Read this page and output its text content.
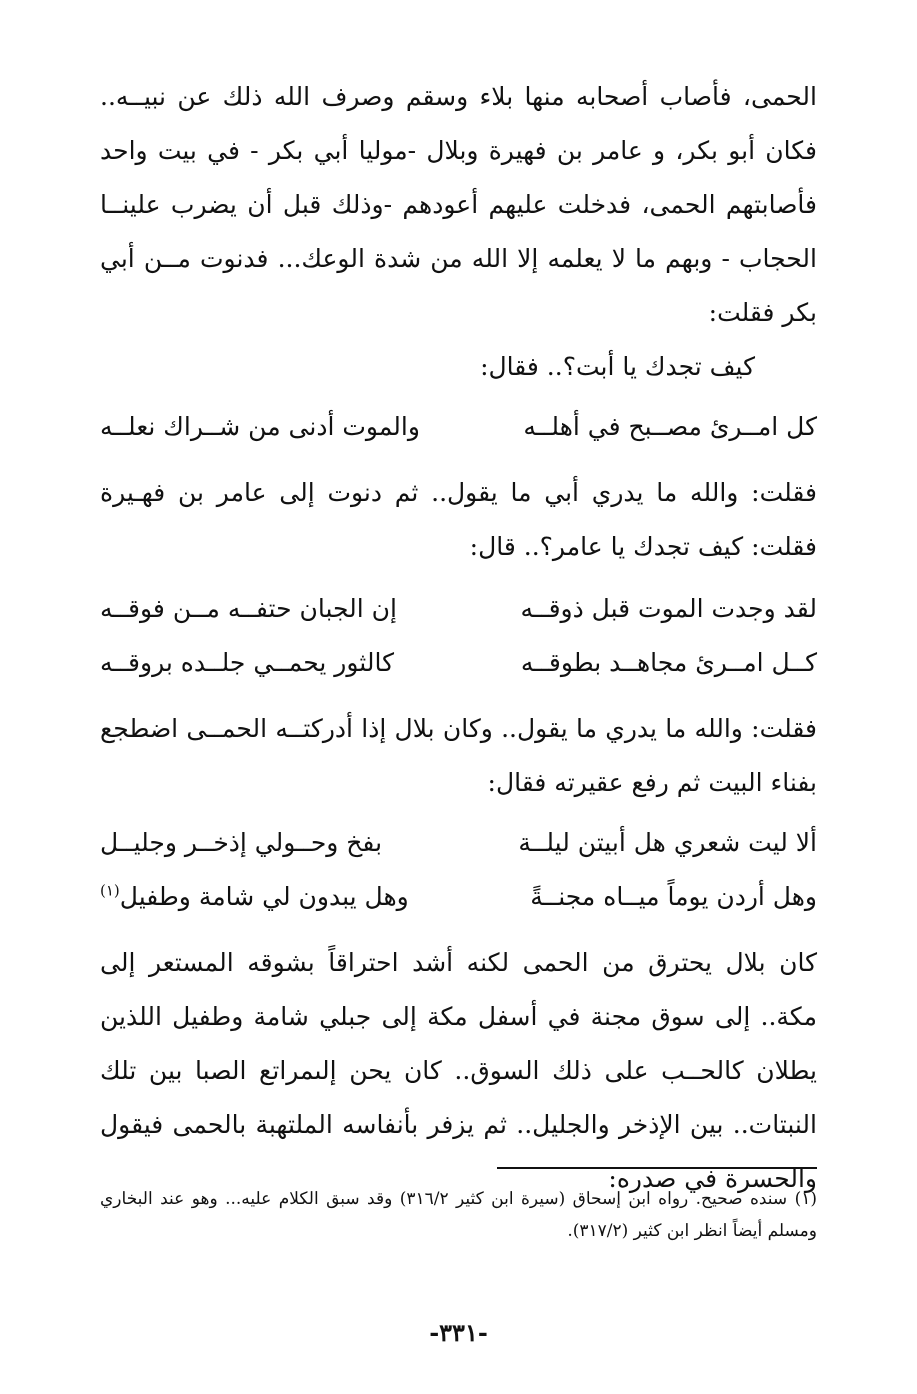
الحمى، فأصاب أصحابه منها بلاء وسقم وصرف الله ذلك عن نبيــه.. فكان أبو بكر، و عامر بن فهيرة وبلال -موليا أبي بكر - في بيت واحد فأصابتهم الحمى، فدخلت عليهم أعودهم -وذلك قبل أن يضرب علينــا الحجاب - وبهم ما لا يعلمه إلا الله من شدة الوعك... فدنوت مــن أبي بكر فقلت:

كيف تجدك يا أبت؟.. فقال:

كل امــرئ مصــبح في أهلــه
والموت أدنى من شــراك نعلــه

فقلت: والله ما يدري أبي ما يقول.. ثم دنوت إلى عامر بن فهـيرة فقلت: كيف تجدك يا عامر؟.. قال:

لقد وجدت الموت قبل ذوقــه
إن الجبان حتفــه مــن فوقــه
كــل امــرئ مجاهــد بطوقــه
كالثور يحمــي جلــده بروقــه

فقلت: والله ما يدري ما يقول.. وكان بلال إذا أدركتــه الحمــى اضطجع بفناء البيت ثم رفع عقيرته فقال:

ألا ليت شعري هل أبيتن ليلــة
بفخ وحــولي إذخــر وجليــل
وهل أردن يوماً ميــاه مجنــةً
وهل يبدون لي شامة وطفيل$^{(١)}$

كان بلال يحترق من الحمى لكنه أشد احتراقاً بشوقه المستعر إلى مكة.. إلى سوق مجنة في أسفل مكة إلى جبلي شامة وطفيل اللذين يطلان كالحــب على ذلك السوق.. كان يحن إلىمراتع الصبا بين تلك النبتات.. بين الإذخر والجليل.. ثم يزفر بأنفاسه الملتهبة بالحمى فيقول والحسرة في صدره:

(١) سنده صحيح. رواه ابن إسحاق (سيرة ابن كثير ٣١٦/٢) وقد سبق الكلام عليه... وهو عند البخاري ومسلم أيضاً انظر ابن كثير (٣١٧/٢).

-٣٣١-
